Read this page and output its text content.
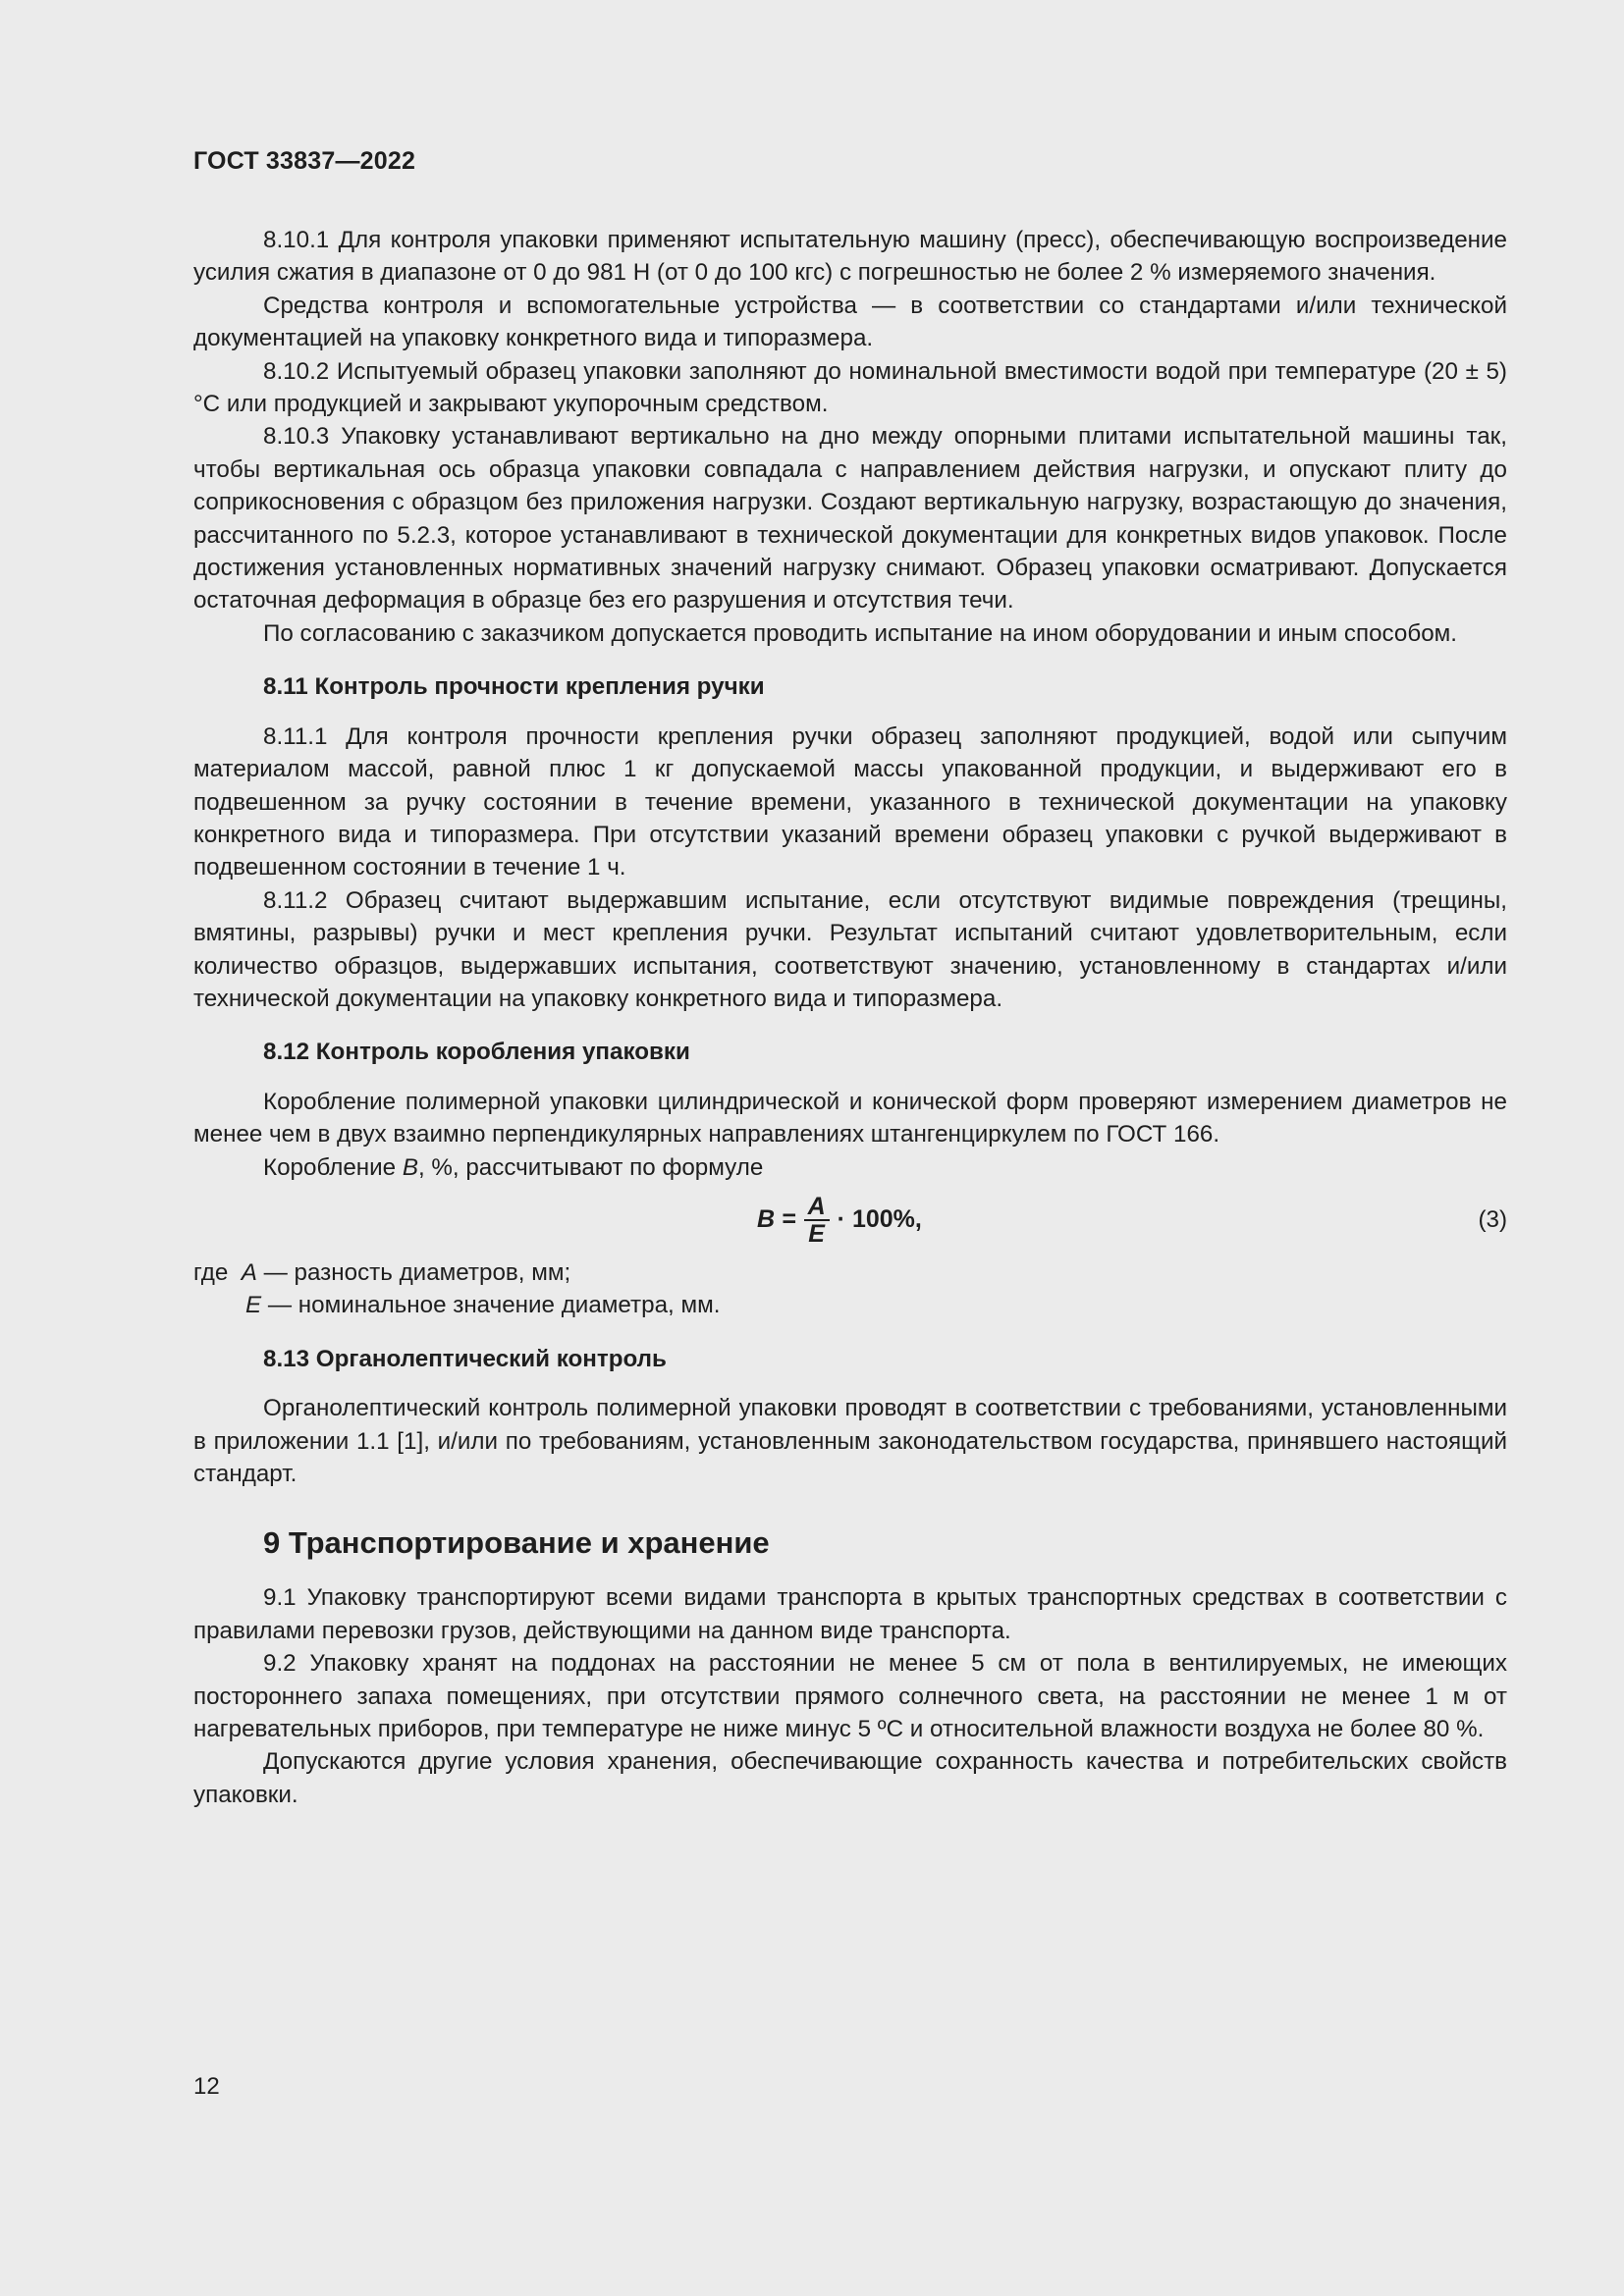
ГОСТ 33837—2022

8.10.1 Для контроля упаковки применяют испытательную машину (пресс), обеспечивающую воспроизведение усилия сжатия в диапазоне от 0 до 981 Н (от 0 до 100 кгс) с погрешностью не более 2 % измеряемого значения.

Средства контроля и вспомогательные устройства — в соответствии со стандартами и/или технической документацией на упаковку конкретного вида и типоразмера.

8.10.2 Испытуемый образец упаковки заполняют до номинальной вместимости водой при температуре (20 ± 5) °С или продукцией и закрывают укупорочным средством.

8.10.3 Упаковку устанавливают вертикально на дно между опорными плитами испытательной машины так, чтобы вертикальная ось образца упаковки совпадала с направлением действия нагрузки, и опускают плиту до соприкосновения с образцом без приложения нагрузки. Создают вертикальную нагрузку, возрастающую до значения, рассчитанного по 5.2.3, которое устанавливают в технической документации для конкретных видов упаковок. После достижения установленных нормативных значений нагрузку снимают. Образец упаковки осматривают. Допускается остаточная деформация в образце без его разрушения и отсутствия течи.

По согласованию с заказчиком допускается проводить испытание на ином оборудовании и иным способом.

8.11 Контроль прочности крепления ручки

8.11.1 Для контроля прочности крепления ручки образец заполняют продукцией, водой или сыпучим материалом массой, равной плюс 1 кг допускаемой массы упакованной продукции, и выдерживают его в подвешенном за ручку состоянии в течение времени, указанного в технической документации на упаковку конкретного вида и типоразмера. При отсутствии указаний времени образец упаковки с ручкой выдерживают в подвешенном состоянии в течение 1 ч.

8.11.2 Образец считают выдержавшим испытание, если отсутствуют видимые повреждения (трещины, вмятины, разрывы) ручки и мест крепления ручки. Результат испытаний считают удовлетворительным, если количество образцов, выдержавших испытания, соответствуют значению, установленному в стандартах и/или технической документации на упаковку конкретного вида и типоразмера.

8.12 Контроль коробления упаковки

Коробление полимерной упаковки цилиндрической и конической форм проверяют измерением диаметров не менее чем в двух взаимно перпендикулярных направлениях штангенциркулем по ГОСТ 166.

Коробление В, %, рассчитывают по формуле

$B = \frac{A}{E} \cdot 100\%$,	(3)
где
А
— разность диаметров, мм;
Е
— номинальное значение диаметра, мм.
8.13 Органолептический контроль

Органолептический контроль полимерной упаковки проводят в соответствии с требованиями, установленными в приложении 1.1 [1], и/или по требованиям, установленным законодательством государства, принявшего настоящий стандарт.

9 Транспортирование и хранение

9.1 Упаковку транспортируют всеми видами транспорта в крытых транспортных средствах в соответствии с правилами перевозки грузов, действующими на данном виде транспорта.

9.2 Упаковку хранят на поддонах на расстоянии не менее 5 см от пола в вентилируемых, не имеющих постороннего запаха помещениях, при отсутствии прямого солнечного света, на расстоянии не менее 1 м от нагревательных приборов, при температуре не ниже минус 5 ºС и относительной влажности воздуха не более 80 %.

Допускаются другие условия хранения, обеспечивающие сохранность качества и потребительских свойств упаковки.

12
